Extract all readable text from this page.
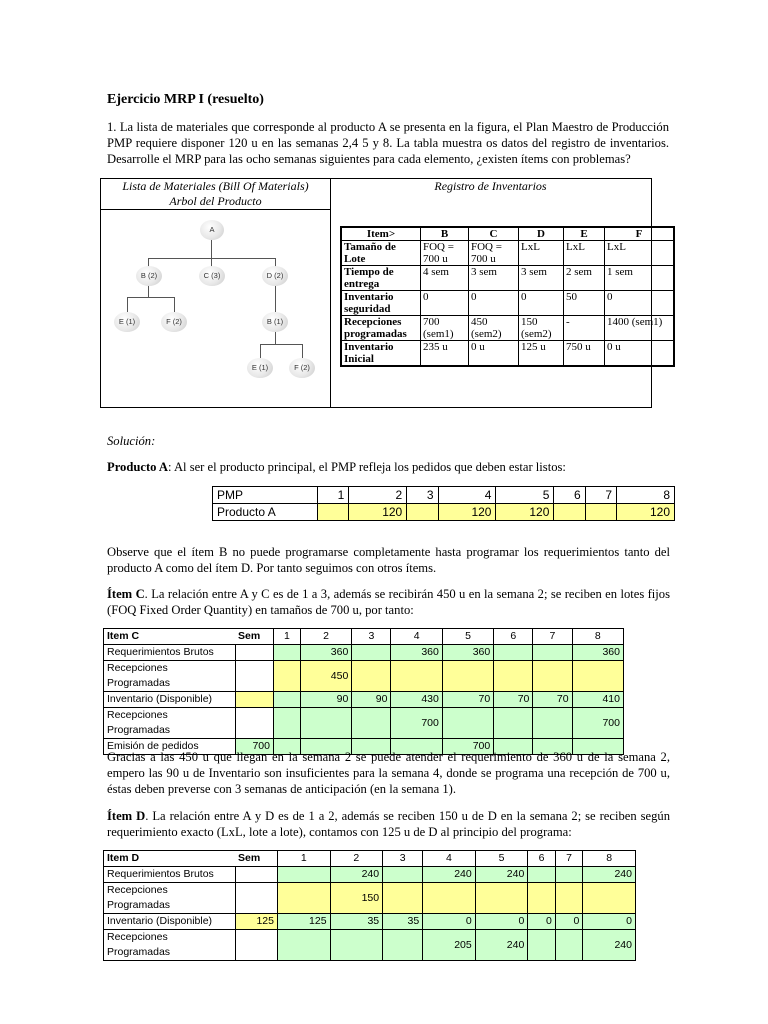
Ejercicio MRP I (resuelto)
1. La lista de materiales que corresponde al producto A se presenta en la figura, el Plan Maestro de Producción PMP requiere disponer 120 u en las semanas 2,4 5 y 8. La tabla muestra os datos del registro de inventarios. Desarrolle el MRP para las ocho semanas siguientes para cada elemento, ¿existen ítems con problemas?
Lista de Materiales (Bill Of Materials)
Arbol del Producto
Registro de Inventarios
A
B (2)	C (3)	D (2)
E (1)	F (2)	B (1)
E (1)	F (2)
Item>	B	C	D	E	F
Tamaño de Lote	FOQ = 700 u	FOQ = 700 u	LxL	LxL	LxL
Tiempo de entrega	4 sem	3 sem	3 sem	2 sem	1 sem
Inventario seguridad	0	0	0	50	0
Recepciones programadas	700 (sem1)	450 (sem2)	150 (sem2)	-	1400 (sem1)
Inventario Inicial	235 u	0 u	125 u	750 u	0 u
Solución:
Producto A: Al ser el producto principal, el PMP refleja los pedidos que deben estar listos:
PMP	1	2	3	4	5	6	7	8
Producto A		120		120	120			120
Observe que el ítem B no puede programarse completamente hasta programar los requerimientos tanto del producto A como del ítem D. Por tanto seguimos con otros ítems.
Ítem C. La relación entre A y C es de 1 a 3, además se recibirán 450 u en la semana 2; se reciben en lotes fijos (FOQ Fixed Order Quantity) en tamaños de 700 u, por tanto:
Item C	Sem	1	2	3	4	5	6	7	8
Requerimientos Brutos			360		360	360			360
Recepciones Programadas			450						
Inventario (Disponible)			90	90	430	70	70	70	410
Recepciones Programadas					700				700
Emisión de pedidos	700					700			
Gracias a las 450 u que llegan en la semana 2 se puede atender el requerimiento de 360 u de la semana 2, empero las 90 u de Inventario son insuficientes para la semana 4, donde se programa una recepción de 700 u, éstas deben preverse con 3 semanas de anticipación (en la semana 1).
Ítem D. La relación entre A y D es de 1 a 2, además se reciben 150 u de D en la semana 2; se reciben según requerimiento exacto (LxL, lote a lote), contamos con 125 u de D al principio del programa:
Item D	Sem	1	2	3	4	5	6	7	8
Requerimientos Brutos			240		240	240			240
Recepciones Programadas			150						
Inventario (Disponible)	125	125	35	35	0	0	0	0	0
Recepciones Programadas					205	240			240
